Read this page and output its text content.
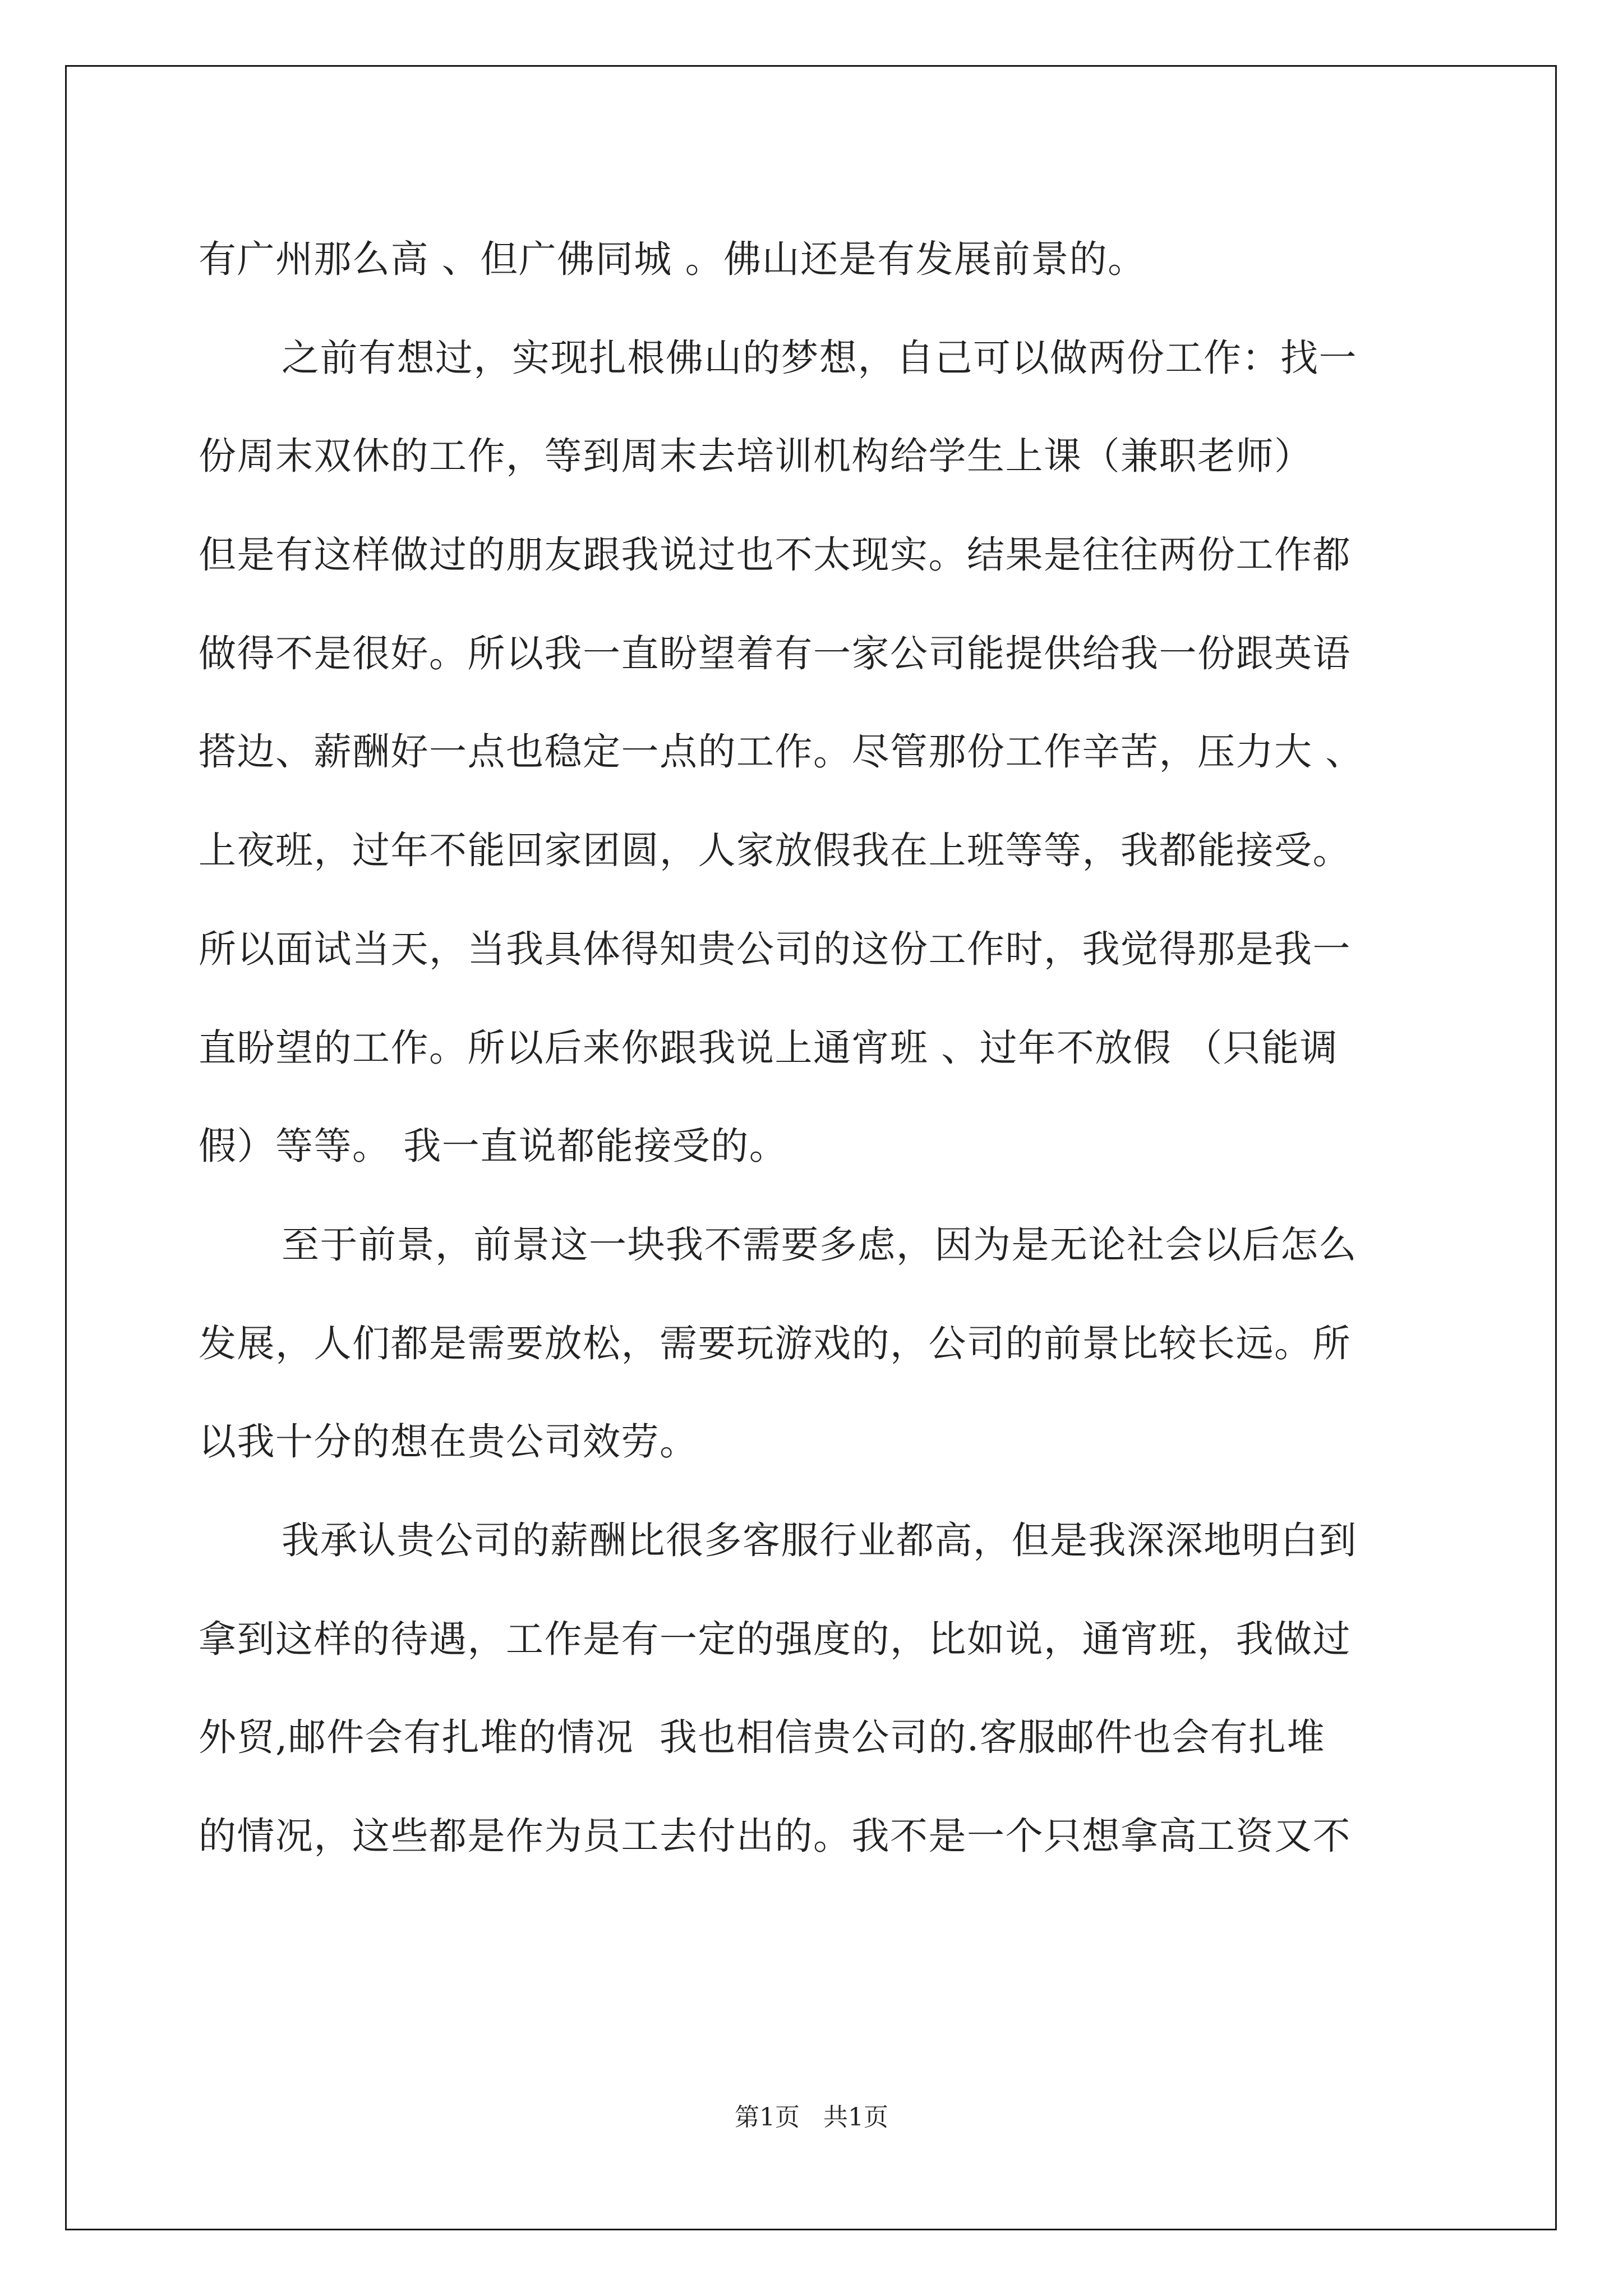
有广州那么高 、但广佛同城 。佛山还是有发展前景的。
之前有想过，实现扎根佛山的梦想，自己可以做两份工作：找一
份周末双休的工作，等到周末去培训机构给学生上课（兼职老师）
但是有这样做过的朋友跟我说过也不太现实。结果是往往两份工作都
做得不是很好。所以我一直盼望着有一家公司能提供给我一份跟英语
搭边、薪酬好一点也稳定一点的工作。尽管那份工作辛苦，压力大 、
上夜班，过年不能回家团圆，人家放假我在上班等等，我都能接受。
所以面试当天，当我具体得知贵公司的这份工作时，我觉得那是我一
直盼望的工作。所以后来你跟我说上通宵班 、过年不放假 （只能调
假）等等。 我一直说都能接受的。
至于前景，前景这一块我不需要多虑，因为是无论社会以后怎么
发展，人们都是需要放松，需要玩游戏的，公司的前景比较长远。所
以我十分的想在贵公司效劳。
我承认贵公司的薪酬比很多客服行业都高，但是我深深地明白到
拿到这样的待遇，工作是有一定的强度的，比如说，通宵班，我做过
外贸,邮件会有扎堆的情况  我也相信贵公司的.客服邮件也会有扎堆
的情况，这些都是作为员工去付出的。我不是一个只想拿高工资又不
第1页   共1页
